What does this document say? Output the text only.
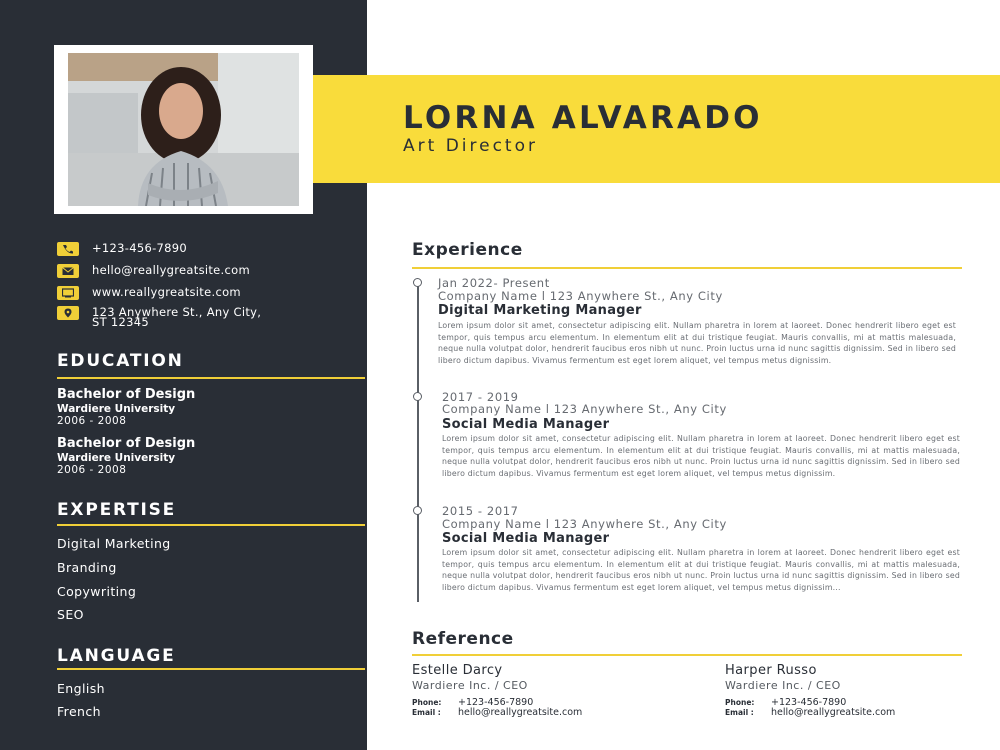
+123-456-7890
hello@reallygreatsite.com
www.reallygreatsite.com
123 Anywhere St., Any City,
ST 12345
EDUCATION
Bachelor of Design
Wardiere University
2006 - 2008
Bachelor of Design
Wardiere University
2006 - 2008
EXPERTISE
Digital Marketing
Branding
Copywriting
SEO
LANGUAGE
English
French
LORNA ALVARADO
Art Director
Experience
Jan 2022- Present
Company Name l 123 Anywhere St., Any City
Digital Marketing Manager
Lorem ipsum dolor sit amet, consectetur adipiscing elit. Nullam pharetra in lorem at laoreet. Donec hendrerit libero eget est tempor, quis tempus arcu elementum. In elementum elit at dui tristique feugiat. Mauris convallis, mi at mattis malesuada, neque nulla volutpat dolor, hendrerit faucibus eros nibh ut nunc. Proin luctus urna id nunc sagittis dignissim. Sed in libero sed libero dictum dapibus. Vivamus fermentum est eget lorem aliquet, vel tempus metus dignissim.
2017 - 2019
Company Name l 123 Anywhere St., Any City
Social Media Manager
Lorem ipsum dolor sit amet, consectetur adipiscing elit. Nullam pharetra in lorem at laoreet. Donec hendrerit libero eget est tempor, quis tempus arcu elementum. In elementum elit at dui tristique feugiat. Mauris convallis, mi at mattis malesuada, neque nulla volutpat dolor, hendrerit faucibus eros nibh ut nunc. Proin luctus urna id nunc sagittis dignissim. Sed in libero sed libero dictum dapibus. Vivamus fermentum est eget lorem aliquet, vel tempus metus dignissim.
2015 - 2017
Company Name l 123 Anywhere St., Any City
Social Media Manager
Lorem ipsum dolor sit amet, consectetur adipiscing elit. Nullam pharetra in lorem at laoreet. Donec hendrerit libero eget est tempor, quis tempus arcu elementum. In elementum elit at dui tristique feugiat. Mauris convallis, mi at mattis malesuada, neque nulla volutpat dolor, hendrerit faucibus eros nibh ut nunc. Proin luctus urna id nunc sagittis dignissim. Sed in libero sed libero dictum dapibus. Vivamus fermentum est eget lorem aliquet, vel tempus metus dignissim...
Reference
Estelle Darcy
Wardiere Inc. / CEO
Phone: +123-456-7890
Email : hello@reallygreatsite.com
Harper Russo
Wardiere Inc. / CEO
Phone: +123-456-7890
Email : hello@reallygreatsite.com
